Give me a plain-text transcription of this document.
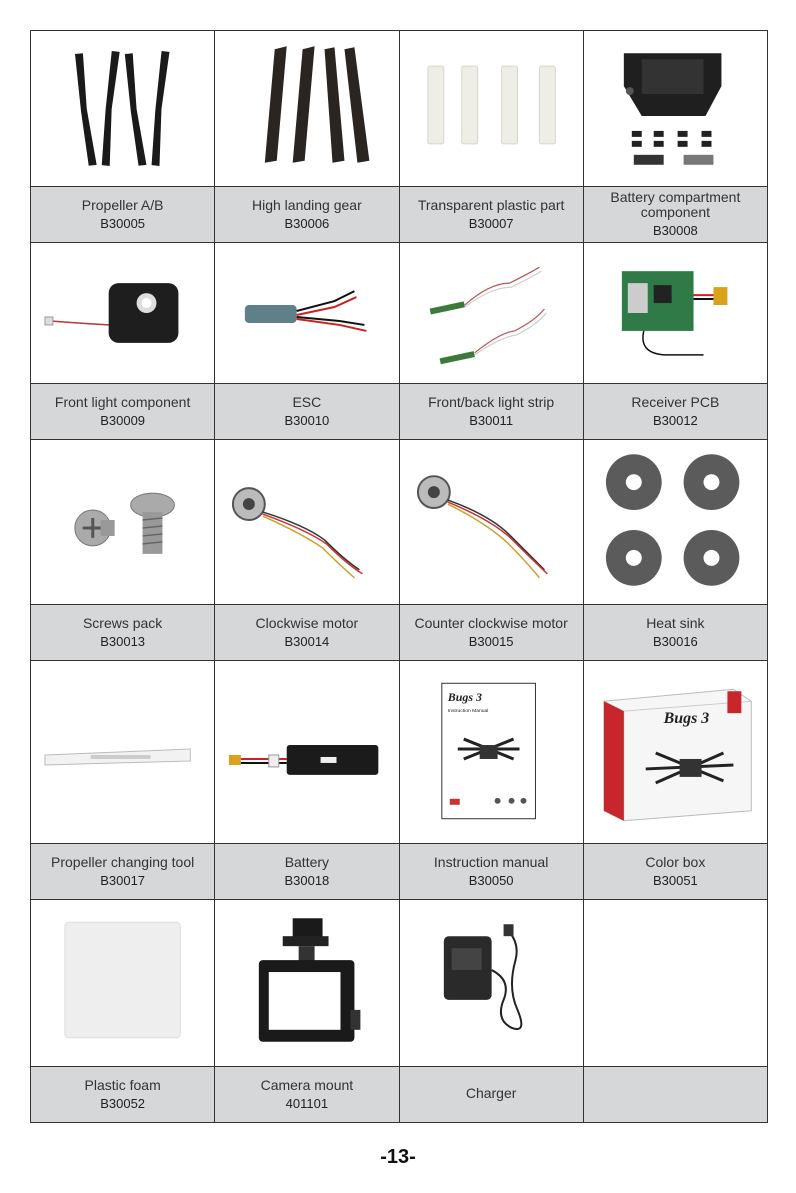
Propeller A/B
B30005
High landing gear
B30006
Transparent plastic part
B30007
Battery compartment component
B30008
Front light component
B30009
ESC
B30010
Front/back light strip
B30011
Receiver PCB
B30012
Screws pack
B30013
Clockwise motor
B30014
Counter clockwise motor
B30015
Heat sink
B30016
Propeller changing tool
B30017
Battery
B30018
Bugs 3
Instruction Manual
Instruction manual
B30050
Bugs 3
Color box
B30051
Plastic foam
B30052
Camera mount
401101
Charger
-13-
